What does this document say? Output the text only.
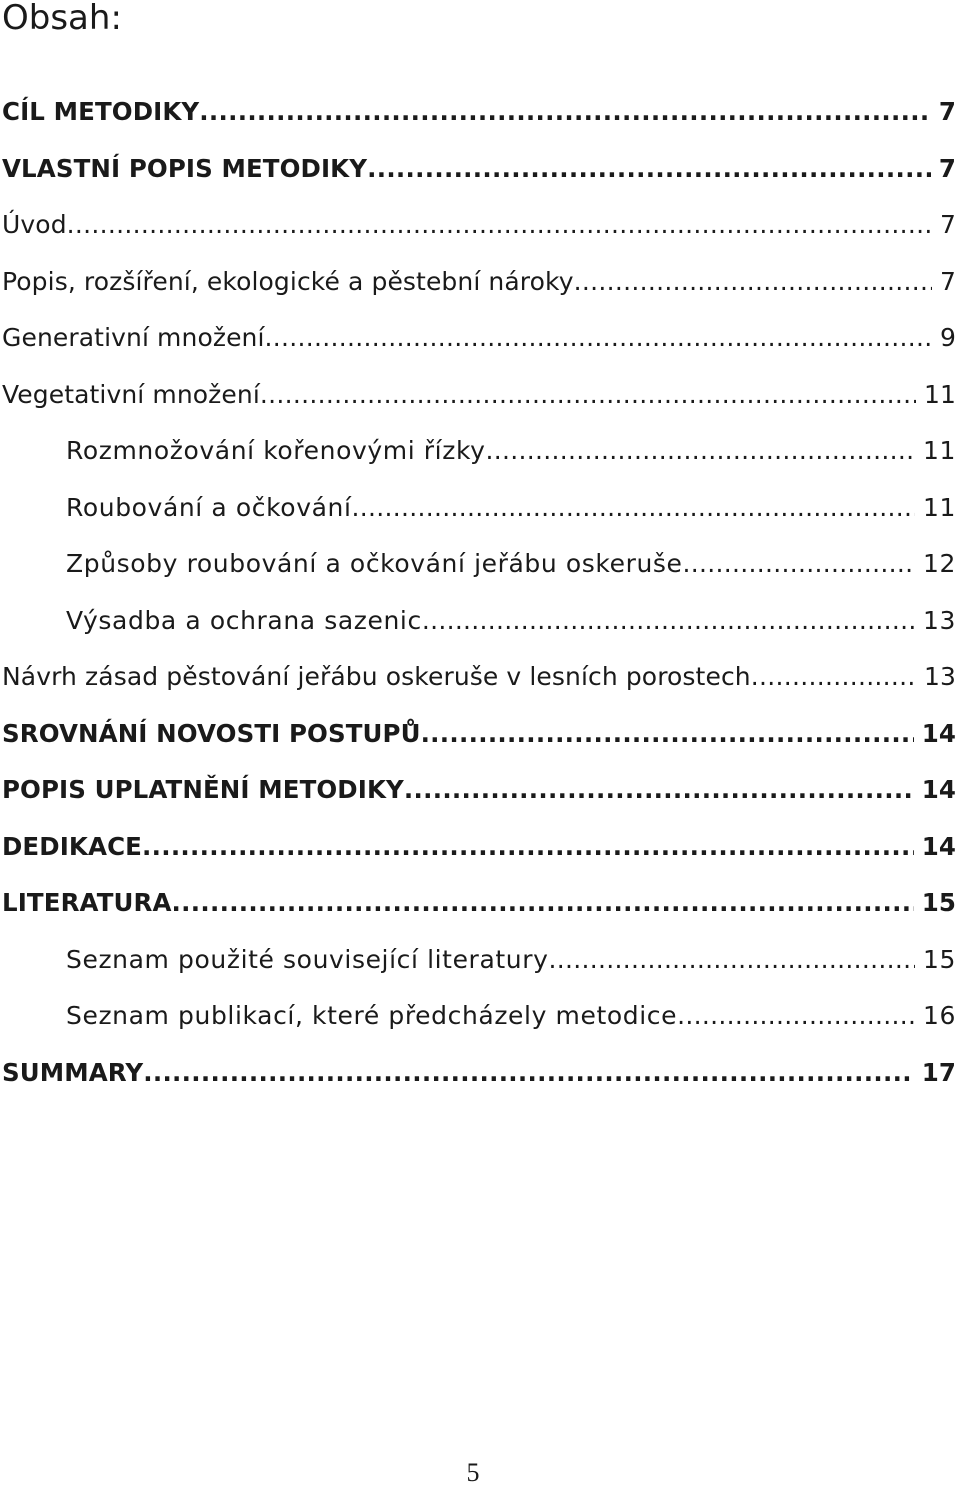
Obsah:
CÍL METODIKY .....	7
VLASTNÍ POPIS METODIKY .....	7
Úvod .....	7
Popis, rozšíření, ekologické a pěstební nároky .....	7
Generativní množení .....	9
Vegetativní množení .....	11
Rozmnožování kořenovými řízky .....	11
Roubování a očkování .....	11
Způsoby roubování a očkování jeřábu oskeruše .....	12
Výsadba a ochrana sazenic .....	13
Návrh zásad pěstování jeřábu oskeruše v lesních porostech .....	13
SROVNÁNÍ NOVOSTI POSTUPŮ .....	14
POPIS UPLATNĚNÍ METODIKY .....	14
DEDIKACE .....	14
LITERATURA .....	15
Seznam použité související literatury .....	15
Seznam publikací, které předcházely metodice .....	16
SUMMARY .....	17
5
